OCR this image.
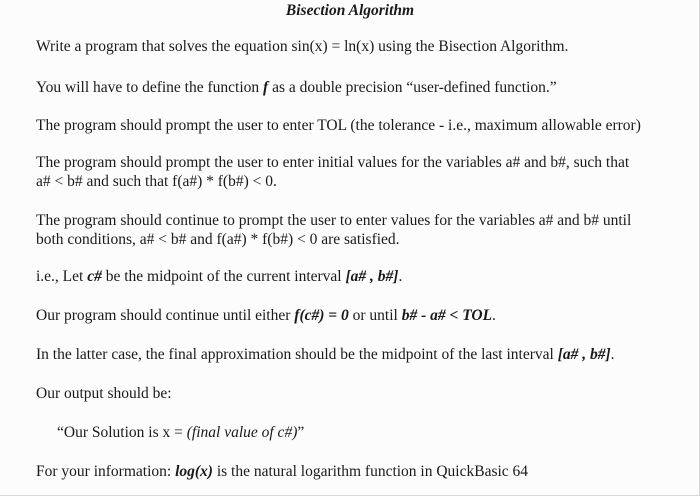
Bisection Algorithm
Write a program that solves the equation sin(x) = ln(x) using the Bisection Algorithm.
You will have to define the function f as a double precision “user-defined function.”
The program should prompt the user to enter TOL (the tolerance - i.e., maximum allowable error)
The program should prompt the user to enter initial values for the variables a# and b#, such that
a# < b# and such that f(a#) * f(b#) < 0.
The program should continue to prompt the user to enter values for the variables a# and b# until
both conditions, a# < b# and f(a#) * f(b#) < 0 are satisfied.
i.e., Let c# be the midpoint of the current interval [a# , b#].
Our program should continue until either f(c#) = 0 or until b# - a# < TOL.
In the latter case, the final approximation should be the midpoint of the last interval [a# , b#].
Our output should be:
“Our Solution is x = (final value of c#)”
For your information: log(x) is the natural logarithm function in QuickBasic 64
